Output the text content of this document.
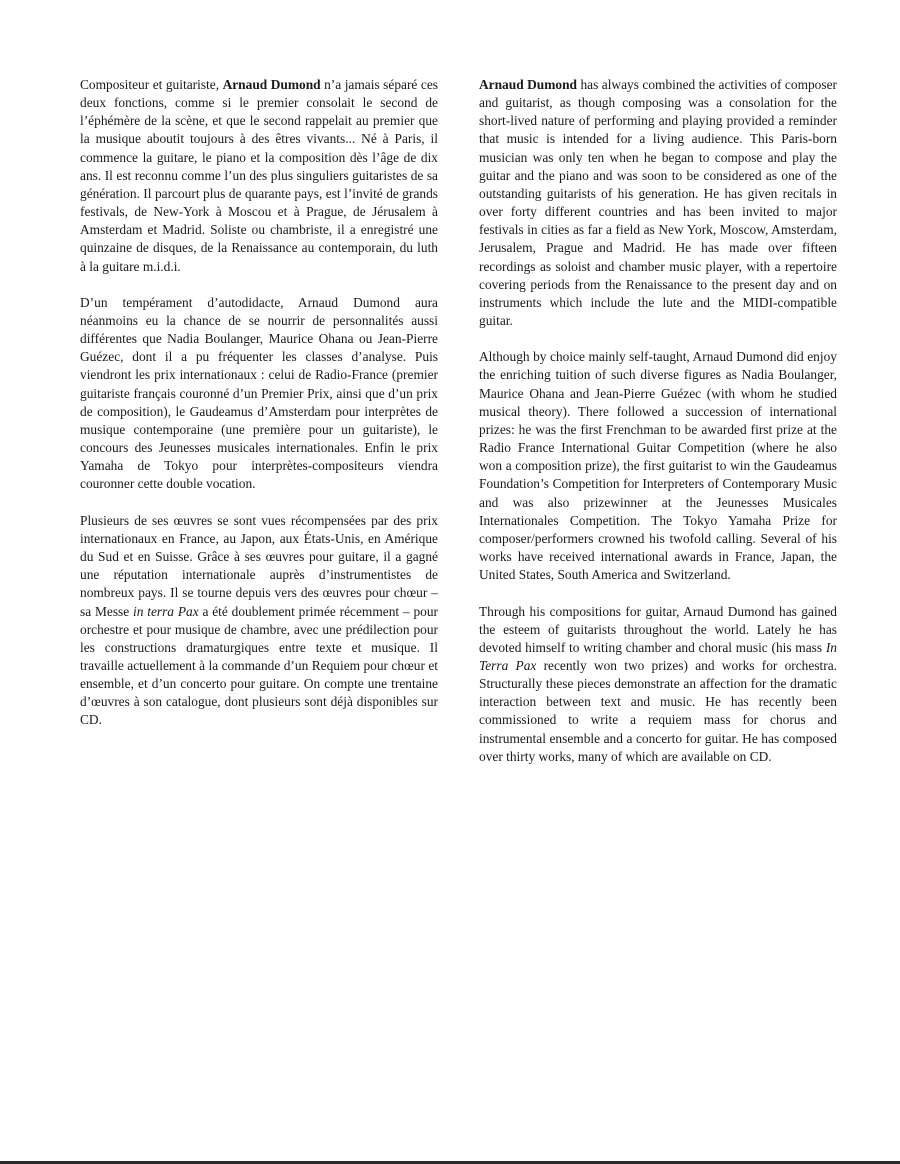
Compositeur et guitariste, Arnaud Dumond n’a jamais séparé ces deux fonctions, comme si le premier consolait le second de l’éphémère de la scène, et que le second rappelait au premier que la musique aboutit toujours à des êtres vivants... Né à Paris, il commence la guitare, le piano et la composition dès l’âge de dix ans. Il est reconnu comme l’un des plus singuliers guitaristes de sa génération. Il parcourt plus de quarante pays, est l’invité de grands festivals, de New-York à Moscou et à Prague, de Jérusalem à Amsterdam et Madrid. Soliste ou chambriste, il a enregistré une quinzaine de disques, de la Renaissance au contemporain, du luth à la guitare m.i.d.i.

D’un tempérament d’autodidacte, Arnaud Dumond aura néanmoins eu la chance de se nourrir de personnalités aussi différentes que Nadia Boulanger, Maurice Ohana ou Jean-Pierre Guézec, dont il a pu fréquenter les classes d’analyse. Puis viendront les prix internationaux : celui de Radio-France (premier guitariste français couronné d’un Premier Prix, ainsi que d’un prix de composition), le Gaudeamus d’Amsterdam pour interprètes de musique contemporaine (une première pour un guitariste), le concours des Jeunesses musicales internationales. Enfin le prix Yamaha de Tokyo pour interprètes-compositeurs viendra couronner cette double vocation.

Plusieurs de ses œuvres se sont vues récompensées par des prix internationaux en France, au Japon, aux États-Unis, en Amérique du Sud et en Suisse. Grâce à ses œuvres pour guitare, il a gagné une réputation internationale auprès d’instrumentistes de nombreux pays. Il se tourne depuis vers des œuvres pour chœur – sa Messe in terra Pax a été doublement primée récemment – pour orchestre et pour musique de chambre, avec une prédilection pour les constructions dramaturgiques entre texte et musique. Il travaille actuellement à la commande d’un Requiem pour chœur et ensemble, et d’un concerto pour guitare. On compte une trentaine d’œuvres à son catalogue, dont plusieurs sont déjà disponibles sur CD.

Arnaud Dumond has always combined the activities of composer and guitarist, as though composing was a consolation for the short-lived nature of performing and playing provided a reminder that music is intended for a living audience. This Paris-born musician was only ten when he began to compose and play the guitar and the piano and was soon to be considered as one of the outstanding guitarists of his generation. He has given recitals in over forty different countries and has been invited to major festivals in cities as far a field as New York, Moscow, Amsterdam, Jerusalem, Prague and Madrid. He has made over fifteen recordings as soloist and chamber music player, with a repertoire covering periods from the Renaissance to the present day and on instruments which include the lute and the MIDI-compatible guitar.

Although by choice mainly self-taught, Arnaud Dumond did enjoy the enriching tuition of such diverse figures as Nadia Boulanger, Maurice Ohana and Jean-Pierre Guézec (with whom he studied musical theory). There followed a succession of international prizes: he was the first Frenchman to be awarded first prize at the Radio France International Guitar Competition (where he also won a composition prize), the first guitarist to win the Gaudeamus Foundation’s Competition for Interpreters of Contemporary Music and was also prizewinner at the Jeunesses Musicales Internationales Competition. The Tokyo Yamaha Prize for composer/performers crowned his twofold calling. Several of his works have received international awards in France, Japan, the United States, South America and Switzerland.

Through his compositions for guitar, Arnaud Dumond has gained the esteem of guitarists throughout the world. Lately he has devoted himself to writing chamber and choral music (his mass In Terra Pax recently won two prizes) and works for orchestra. Structurally these pieces demonstrate an affection for the dramatic interaction between text and music. He has recently been commissioned to write a requiem mass for chorus and instrumental ensemble and a concerto for guitar. He has composed over thirty works, many of which are available on CD.
